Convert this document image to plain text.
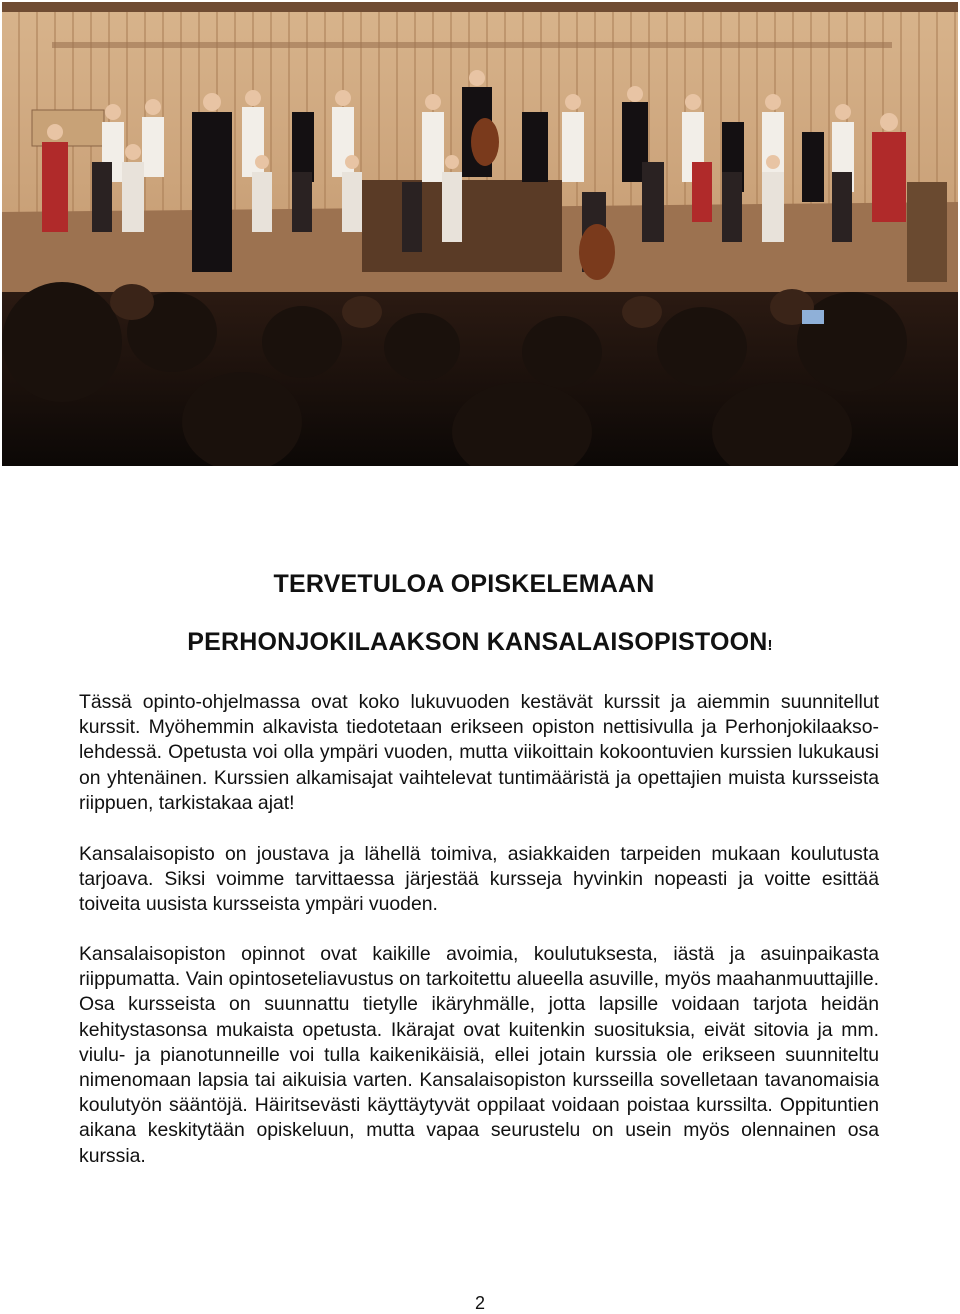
TERVETULOA OPISKELEMAAN
PERHONJOKILAAKSON KANSALAISOPISTOON!

Tässä opinto-ohjelmassa ovat koko lukuvuoden kestävät kurssit ja aiemmin suunnitellut kurssit. Myöhemmin alkavista tiedotetaan erikseen opiston nettisivulla ja Perhonjokilaakso-lehdessä. Opetusta voi olla ympäri vuoden, mutta viikoittain kokoontuvien kurssien lukukausi on yhtenäinen. Kurssien alkamisajat vaihtelevat tuntimääristä ja opettajien muista kursseista riippuen, tarkistakaa ajat!

Kansalaisopisto on joustava ja lähellä toimiva, asiakkaiden tarpeiden mukaan koulutusta tarjoava. Siksi voimme tarvittaessa järjestää kursseja hyvinkin nopeasti ja voitte esittää toiveita uusista kursseista ympäri vuoden.

Kansalaisopiston opinnot ovat kaikille avoimia, koulutuksesta, iästä ja asuinpaikasta riippumatta. Vain opintoseteliavustus on tarkoitettu alueella asuville, myös maahanmuuttajille. Osa kursseista on suunnattu tietylle ikäryhmälle, jotta lapsille voidaan tarjota heidän kehitystasonsa mukaista opetusta. Ikärajat ovat kuitenkin suosituksia, eivät sitovia ja mm. viulu- ja pianotunneille voi tulla kaikenikäisiä, ellei jotain kurssia ole erikseen suunniteltu nimenomaan lapsia tai aikuisia varten. Kansalaisopiston kursseilla sovelletaan tavanomaisia koulutyön sääntöjä. Häiritsevästi käyttäytyvät oppilaat voidaan poistaa kurssilta. Oppituntien aikana keskitytään opiskeluun, mutta vapaa seurustelu on usein myös olennainen osa kurssia.

2
